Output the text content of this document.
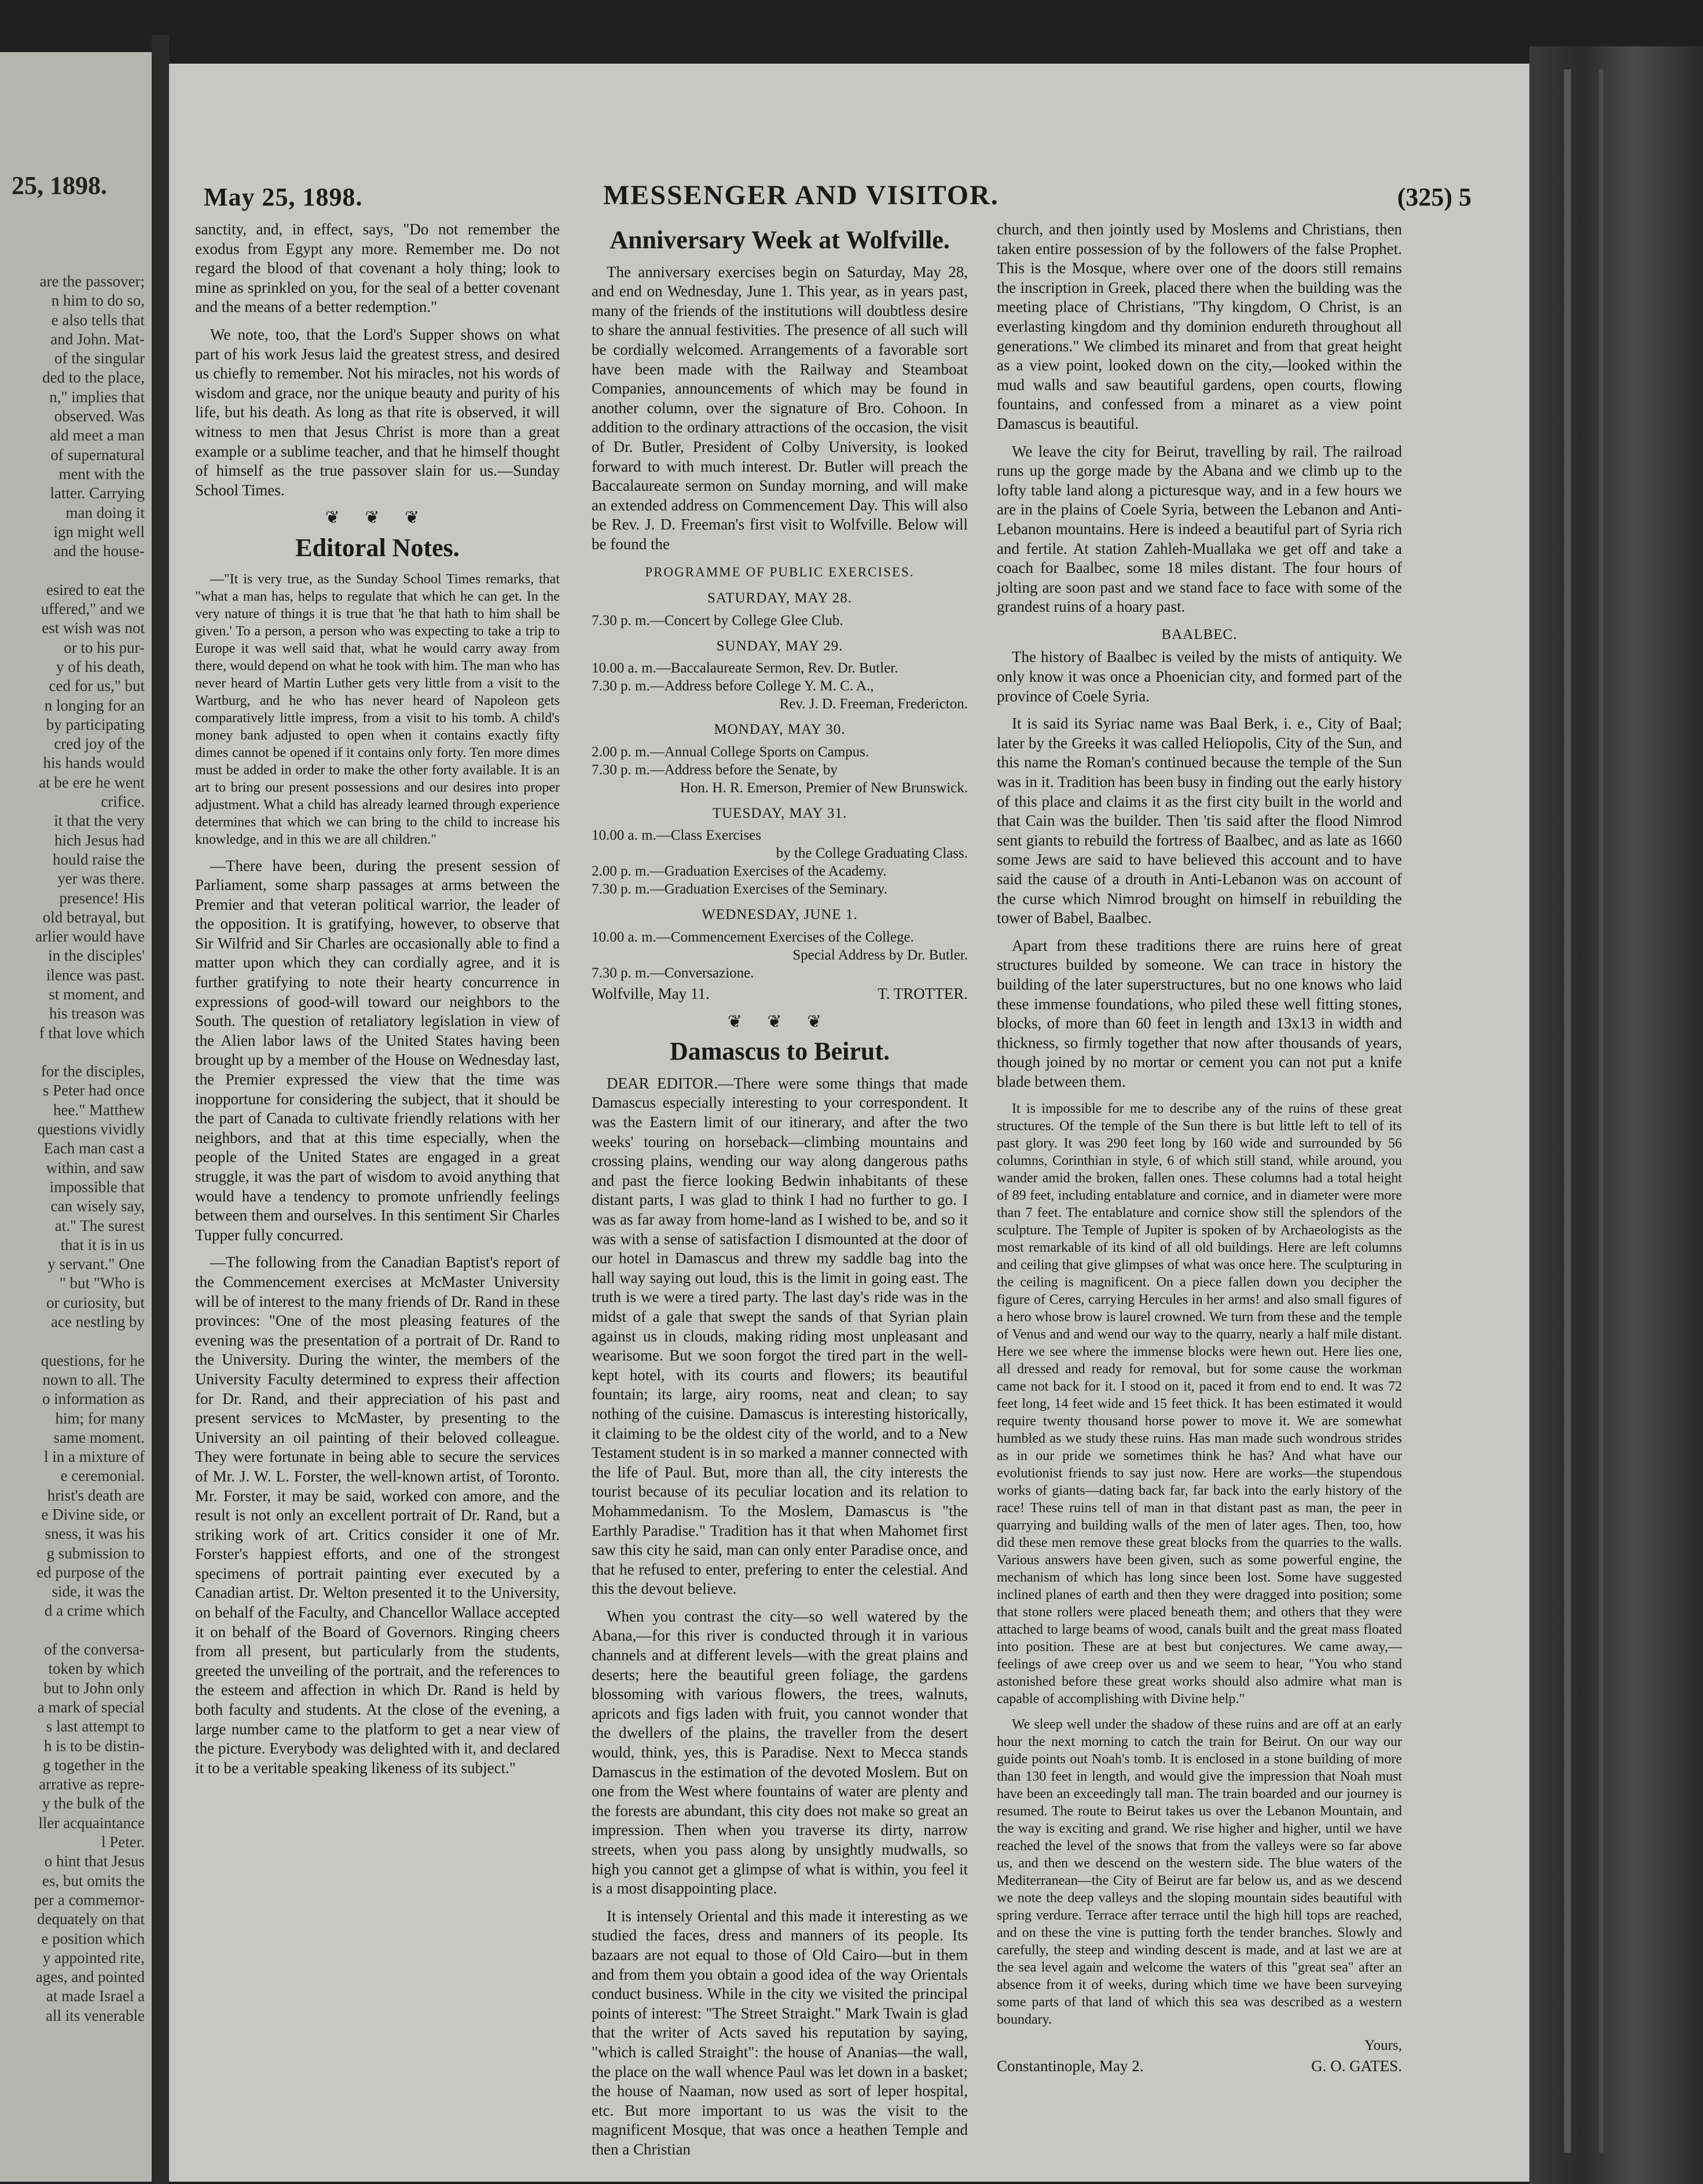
25, 1898.
are the passover;
n him to do so,
e also tells that
and John. Mat-
of the singular
ded to the place,
n," implies that
observed. Was
ald meet a man
of supernatural
ment with the
latter. Carrying
man doing it
ign might well
and the house-

esired to eat the
uffered," and we
est wish was not
or to his pur-
y of his death,
ced for us," but
n longing for an
by participating
cred joy of the
his hands would
at be ere he went
crifice.
it that the very
hich Jesus had
hould raise the
yer was there.
presence! His
old betrayal, but
arlier would have
in the disciples'
ilence was past.
st moment, and
his treason was
f that love which

for the disciples,
s Peter had once
hee." Matthew
questions vividly
Each man cast a
within, and saw
impossible that
can wisely say,
at." The surest
that it is in us
y servant." One
" but "Who is
or curiosity, but
ace nestling by

questions, for he
nown to all. The
o information as
him; for many
same moment.
l in a mixture of
e ceremonial.
hrist's death are
e Divine side, or
sness, it was his
g submission to
ed purpose of the
side, it was the
d a crime which

of the conversa-
token by which
but to John only
a mark of special
s last attempt to
h is to be distin-
g together in the
arrative as repre-
y the bulk of the
ller acquaintance
l Peter.
o hint that Jesus
es, but omits the
per a commemor-
dequately on that
e position which
y appointed rite,
ages, and pointed
at made Israel a
all its venerable
May 25, 1898.	MESSENGER AND VISITOR.	(325) 5

sanctity, and, in effect, says, "Do not remember the exodus from Egypt any more. Remember me. Do not regard the blood of that covenant a holy thing; look to mine as sprinkled on you, for the seal of a better covenant and the means of a better redemption."

We note, too, that the Lord's Supper shows on what part of his work Jesus laid the greatest stress, and desired us chiefly to remember. Not his miracles, not his words of wisdom and grace, nor the unique beauty and purity of his life, but his death. As long as that rite is observed, it will witness to men that Jesus Christ is more than a great example or a sublime teacher, and that he himself thought of himself as the true passover slain for us.—Sunday School Times.

❦ ❦ ❦
Editoral Notes.

—"It is very true, as the Sunday School Times remarks, that "what a man has, helps to regulate that which he can get. In the very nature of things it is true that 'he that hath to him shall be given.' To a person, a person who was expecting to take a trip to Europe it was well said that, what he would carry away from there, would depend on what he took with him. The man who has never heard of Martin Luther gets very little from a visit to the Wartburg, and he who has never heard of Napoleon gets comparatively little impress, from a visit to his tomb. A child's money bank adjusted to open when it contains exactly fifty dimes cannot be opened if it contains only forty. Ten more dimes must be added in order to make the other forty available. It is an art to bring our present possessions and our desires into proper adjustment. What a child has already learned through experience determines that which we can bring to the child to increase his knowledge, and in this we are all children."

—There have been, during the present session of Parliament, some sharp passages at arms between the Premier and that veteran political warrior, the leader of the opposition. It is gratifying, however, to observe that Sir Wilfrid and Sir Charles are occasionally able to find a matter upon which they can cordially agree, and it is further gratifying to note their hearty concurrence in expressions of good-will toward our neighbors to the South. The question of retaliatory legislation in view of the Alien labor laws of the United States having been brought up by a member of the House on Wednesday last, the Premier expressed the view that the time was inopportune for considering the subject, that it should be the part of Canada to cultivate friendly relations with her neighbors, and that at this time especially, when the people of the United States are engaged in a great struggle, it was the part of wisdom to avoid anything that would have a tendency to promote unfriendly feelings between them and ourselves. In this sentiment Sir Charles Tupper fully concurred.

—The following from the Canadian Baptist's report of the Commencement exercises at McMaster University will be of interest to the many friends of Dr. Rand in these provinces: "One of the most pleasing features of the evening was the presentation of a portrait of Dr. Rand to the University. During the winter, the members of the University Faculty determined to express their affection for Dr. Rand, and their appreciation of his past and present services to McMaster, by presenting to the University an oil painting of their beloved colleague. They were fortunate in being able to secure the services of Mr. J. W. L. Forster, the well-known artist, of Toronto. Mr. Forster, it may be said, worked con amore, and the result is not only an excellent portrait of Dr. Rand, but a striking work of art. Critics consider it one of Mr. Forster's happiest efforts, and one of the strongest specimens of portrait painting ever executed by a Canadian artist. Dr. Welton presented it to the University, on behalf of the Faculty, and Chancellor Wallace accepted it on behalf of the Board of Governors. Ringing cheers from all present, but particularly from the students, greeted the unveiling of the portrait, and the references to the esteem and affection in which Dr. Rand is held by both faculty and students. At the close of the evening, a large number came to the platform to get a near view of the picture. Everybody was delighted with it, and declared it to be a veritable speaking likeness of its subject."

Anniversary Week at Wolfville.

The anniversary exercises begin on Saturday, May 28, and end on Wednesday, June 1. This year, as in years past, many of the friends of the institutions will doubtless desire to share the annual festivities. The presence of all such will be cordially welcomed. Arrangements of a favorable sort have been made with the Railway and Steamboat Companies, announcements of which may be found in another column, over the signature of Bro. Cohoon. In addition to the ordinary attractions of the occasion, the visit of Dr. Butler, President of Colby University, is looked forward to with much interest. Dr. Butler will preach the Baccalaureate sermon on Sunday morning, and will make an extended address on Commencement Day. This will also be Rev. J. D. Freeman's first visit to Wolfville. Below will be found the

PROGRAMME OF PUBLIC EXERCISES.
SATURDAY, MAY 28.
7.30 p. m.—Concert by College Glee Club.
SUNDAY, MAY 29.
10.00 a. m.—Baccalaureate Sermon, Rev. Dr. Butler.
7.30 p. m.—Address before College Y. M. C. A.,
Rev. J. D. Freeman, Fredericton.
MONDAY, MAY 30.
2.00 p. m.—Annual College Sports on Campus.
7.30 p. m.—Address before the Senate, by
Hon. H. R. Emerson, Premier of New Brunswick.
TUESDAY, MAY 31.
10.00 a. m.—Class Exercises
by the College Graduating Class.
2.00 p. m.—Graduation Exercises of the Academy.
7.30 p. m.—Graduation Exercises of the Seminary.
WEDNESDAY, JUNE 1.
10.00 a. m.—Commencement Exercises of the College.
Special Address by Dr. Butler.
7.30 p. m.—Conversazione.
Wolfville, May 11.	T. TROTTER.
❦ ❦ ❦
Damascus to Beirut.

DEAR EDITOR.—There were some things that made Damascus especially interesting to your correspondent. It was the Eastern limit of our itinerary, and after the two weeks' touring on horseback—climbing mountains and crossing plains, wending our way along dangerous paths and past the fierce looking Bedwin inhabitants of these distant parts, I was glad to think I had no further to go. I was as far away from home-land as I wished to be, and so it was with a sense of satisfaction I dismounted at the door of our hotel in Damascus and threw my saddle bag into the hall way saying out loud, this is the limit in going east. The truth is we were a tired party. The last day's ride was in the midst of a gale that swept the sands of that Syrian plain against us in clouds, making riding most unpleasant and wearisome. But we soon forgot the tired part in the well-kept hotel, with its courts and flowers; its beautiful fountain; its large, airy rooms, neat and clean; to say nothing of the cuisine. Damascus is interesting historically, it claiming to be the oldest city of the world, and to a New Testament student is in so marked a manner connected with the life of Paul. But, more than all, the city interests the tourist because of its peculiar location and its relation to Mohammedanism. To the Moslem, Damascus is "the Earthly Paradise." Tradition has it that when Mahomet first saw this city he said, man can only enter Paradise once, and that he refused to enter, prefering to enter the celestial. And this the devout believe.

When you contrast the city—so well watered by the Abana,—for this river is conducted through it in various channels and at different levels—with the great plains and deserts; here the beautiful green foliage, the gardens blossoming with various flowers, the trees, walnuts, apricots and figs laden with fruit, you cannot wonder that the dwellers of the plains, the traveller from the desert would, think, yes, this is Paradise. Next to Mecca stands Damascus in the estimation of the devoted Moslem. But on one from the West where fountains of water are plenty and the forests are abundant, this city does not make so great an impression. Then when you traverse its dirty, narrow streets, when you pass along by unsightly mudwalls, so high you cannot get a glimpse of what is within, you feel it is a most disappointing place.

It is intensely Oriental and this made it interesting as we studied the faces, dress and manners of its people. Its bazaars are not equal to those of Old Cairo—but in them and from them you obtain a good idea of the way Orientals conduct business. While in the city we visited the principal points of interest: "The Street Straight." Mark Twain is glad that the writer of Acts saved his reputation by saying, "which is called Straight": the house of Ananias—the wall, the place on the wall whence Paul was let down in a basket; the house of Naaman, now used as sort of leper hospital, etc. But more important to us was the visit to the magnificent Mosque, that was once a heathen Temple and then a Christian

church, and then jointly used by Moslems and Christians, then taken entire possession of by the followers of the false Prophet. This is the Mosque, where over one of the doors still remains the inscription in Greek, placed there when the building was the meeting place of Christians, "Thy kingdom, O Christ, is an everlasting kingdom and thy dominion endureth throughout all generations." We climbed its minaret and from that great height as a view point, looked down on the city,—looked within the mud walls and saw beautiful gardens, open courts, flowing fountains, and confessed from a minaret as a view point Damascus is beautiful.

We leave the city for Beirut, travelling by rail. The railroad runs up the gorge made by the Abana and we climb up to the lofty table land along a picturesque way, and in a few hours we are in the plains of Coele Syria, between the Lebanon and Anti-Lebanon mountains. Here is indeed a beautiful part of Syria rich and fertile. At station Zahleh-Muallaka we get off and take a coach for Baalbec, some 18 miles distant. The four hours of jolting are soon past and we stand face to face with some of the grandest ruins of a hoary past.

BAALBEC.

The history of Baalbec is veiled by the mists of antiquity. We only know it was once a Phoenician city, and formed part of the province of Coele Syria.

It is said its Syriac name was Baal Berk, i. e., City of Baal; later by the Greeks it was called Heliopolis, City of the Sun, and this name the Roman's continued because the temple of the Sun was in it. Tradition has been busy in finding out the early history of this place and claims it as the first city built in the world and that Cain was the builder. Then 'tis said after the flood Nimrod sent giants to rebuild the fortress of Baalbec, and as late as 1660 some Jews are said to have believed this account and to have said the cause of a drouth in Anti-Lebanon was on account of the curse which Nimrod brought on himself in rebuilding the tower of Babel, Baalbec.

Apart from these traditions there are ruins here of great structures builded by someone. We can trace in history the building of the later superstructures, but no one knows who laid these immense foundations, who piled these well fitting stones, blocks, of more than 60 feet in length and 13x13 in width and thickness, so firmly together that now after thousands of years, though joined by no mortar or cement you can not put a knife blade between them.

It is impossible for me to describe any of the ruins of these great structures. Of the temple of the Sun there is but little left to tell of its past glory. It was 290 feet long by 160 wide and surrounded by 56 columns, Corinthian in style, 6 of which still stand, while around, you wander amid the broken, fallen ones. These columns had a total height of 89 feet, including entablature and cornice, and in diameter were more than 7 feet. The entablature and cornice show still the splendors of the sculpture. The Temple of Jupiter is spoken of by Archaeologists as the most remarkable of its kind of all old buildings. Here are left columns and ceiling that give glimpses of what was once here. The sculpturing in the ceiling is magnificent. On a piece fallen down you decipher the figure of Ceres, carrying Hercules in her arms! and also small figures of a hero whose brow is laurel crowned. We turn from these and the temple of Venus and and wend our way to the quarry, nearly a half mile distant. Here we see where the immense blocks were hewn out. Here lies one, all dressed and ready for removal, but for some cause the workman came not back for it. I stood on it, paced it from end to end. It was 72 feet long, 14 feet wide and 15 feet thick. It has been estimated it would require twenty thousand horse power to move it. We are somewhat humbled as we study these ruins. Has man made such wondrous strides as in our pride we sometimes think he has? And what have our evolutionist friends to say just now. Here are works—the stupendous works of giants—dating back far, far back into the early history of the race! These ruins tell of man in that distant past as man, the peer in quarrying and building walls of the men of later ages. Then, too, how did these men remove these great blocks from the quarries to the walls. Various answers have been given, such as some powerful engine, the mechanism of which has long since been lost. Some have suggested inclined planes of earth and then they were dragged into position; some that stone rollers were placed beneath them; and others that they were attached to large beams of wood, canals built and the great mass floated into position. These are at best but conjectures. We came away,—feelings of awe creep over us and we seem to hear, "You who stand astonished before these great works should also admire what man is capable of accomplishing with Divine help."

We sleep well under the shadow of these ruins and are off at an early hour the next morning to catch the train for Beirut. On our way our guide points out Noah's tomb. It is enclosed in a stone building of more than 130 feet in length, and would give the impression that Noah must have been an exceedingly tall man. The train boarded and our journey is resumed. The route to Beirut takes us over the Lebanon Mountain, and the way is exciting and grand. We rise higher and higher, until we have reached the level of the snows that from the valleys were so far above us, and then we descend on the western side. The blue waters of the Mediterranean—the City of Beirut are far below us, and as we descend we note the deep valleys and the sloping mountain sides beautiful with spring verdure. Terrace after terrace until the high hill tops are reached, and on these the vine is putting forth the tender branches. Slowly and carefully, the steep and winding descent is made, and at last we are at the sea level again and welcome the waters of this "great sea" after an absence from it of weeks, during which time we have been surveying some parts of that land of which this sea was described as a western boundary.

Yours,
Constantinople, May 2.	G. O. GATES.
